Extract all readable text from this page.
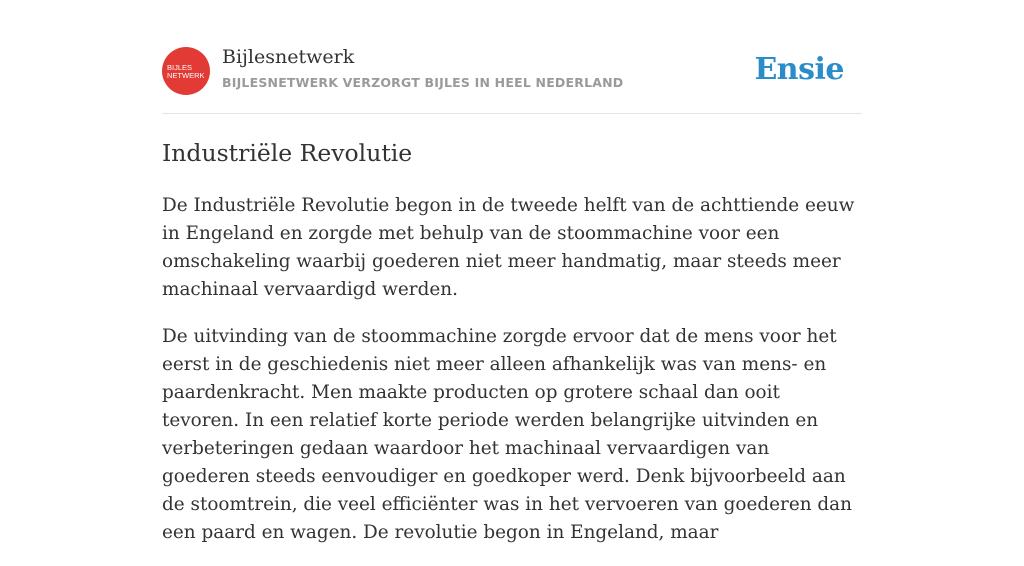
BIJLES
NETWERK
Bijlesnetwerk
BIJLESNETWERK VERZORGT BIJLES IN HEEL NEDERLAND	Ensie
Industriële Revolutie

De Industriële Revolutie begon in de tweede helft van de achttiende eeuw in Engeland en zorgde met behulp van de stoommachine voor een omschakeling waarbij goederen niet meer handmatig, maar steeds meer machinaal vervaardigd werden.

De uitvinding van de stoommachine zorgde ervoor dat de mens voor het eerst in de geschiedenis niet meer alleen afhankelijk was van mens- en paardenkracht. Men maakte producten op grotere schaal dan ooit tevoren. In een relatief korte periode werden belangrijke uitvinden en verbeteringen gedaan waardoor het machinaal vervaardigen van goederen steeds eenvoudiger en goedkoper werd. Denk bijvoorbeeld aan de stoomtrein, die veel efficiënter was in het vervoeren van goederen dan een paard en wagen. De revolutie begon in Engeland, maar
